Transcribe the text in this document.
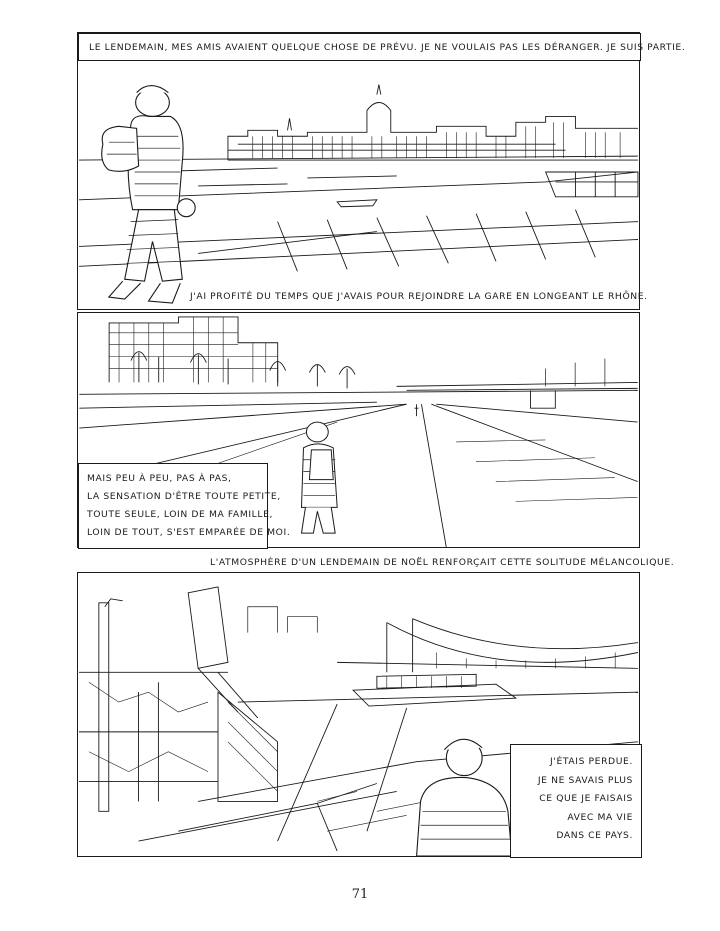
LE LENDEMAIN, MES AMIS AVAIENT QUELQUE CHOSE DE PRÉVU. JE NE VOULAIS PAS LES DÉRANGER. JE SUIS PARTIE.
J'AI PROFITÉ DU TEMPS QUE J'AVAIS POUR REJOINDRE LA GARE EN LONGEANT LE RHÔNE.
MAIS PEU À PEU, PAS À PAS,
LA SENSATION D'ÊTRE TOUTE PETITE,
TOUTE SEULE, LOIN DE MA FAMILLE,
LOIN DE TOUT, S'EST EMPARÉE DE MOI.
L'ATMOSPHÈRE D'UN LENDEMAIN DE NOËL RENFORÇAIT CETTE SOLITUDE MÉLANCOLIQUE.
J'ÉTAIS PERDUE.
JE NE SAVAIS PLUS
CE QUE JE FAISAIS
AVEC MA VIE
DANS CE PAYS.
71
